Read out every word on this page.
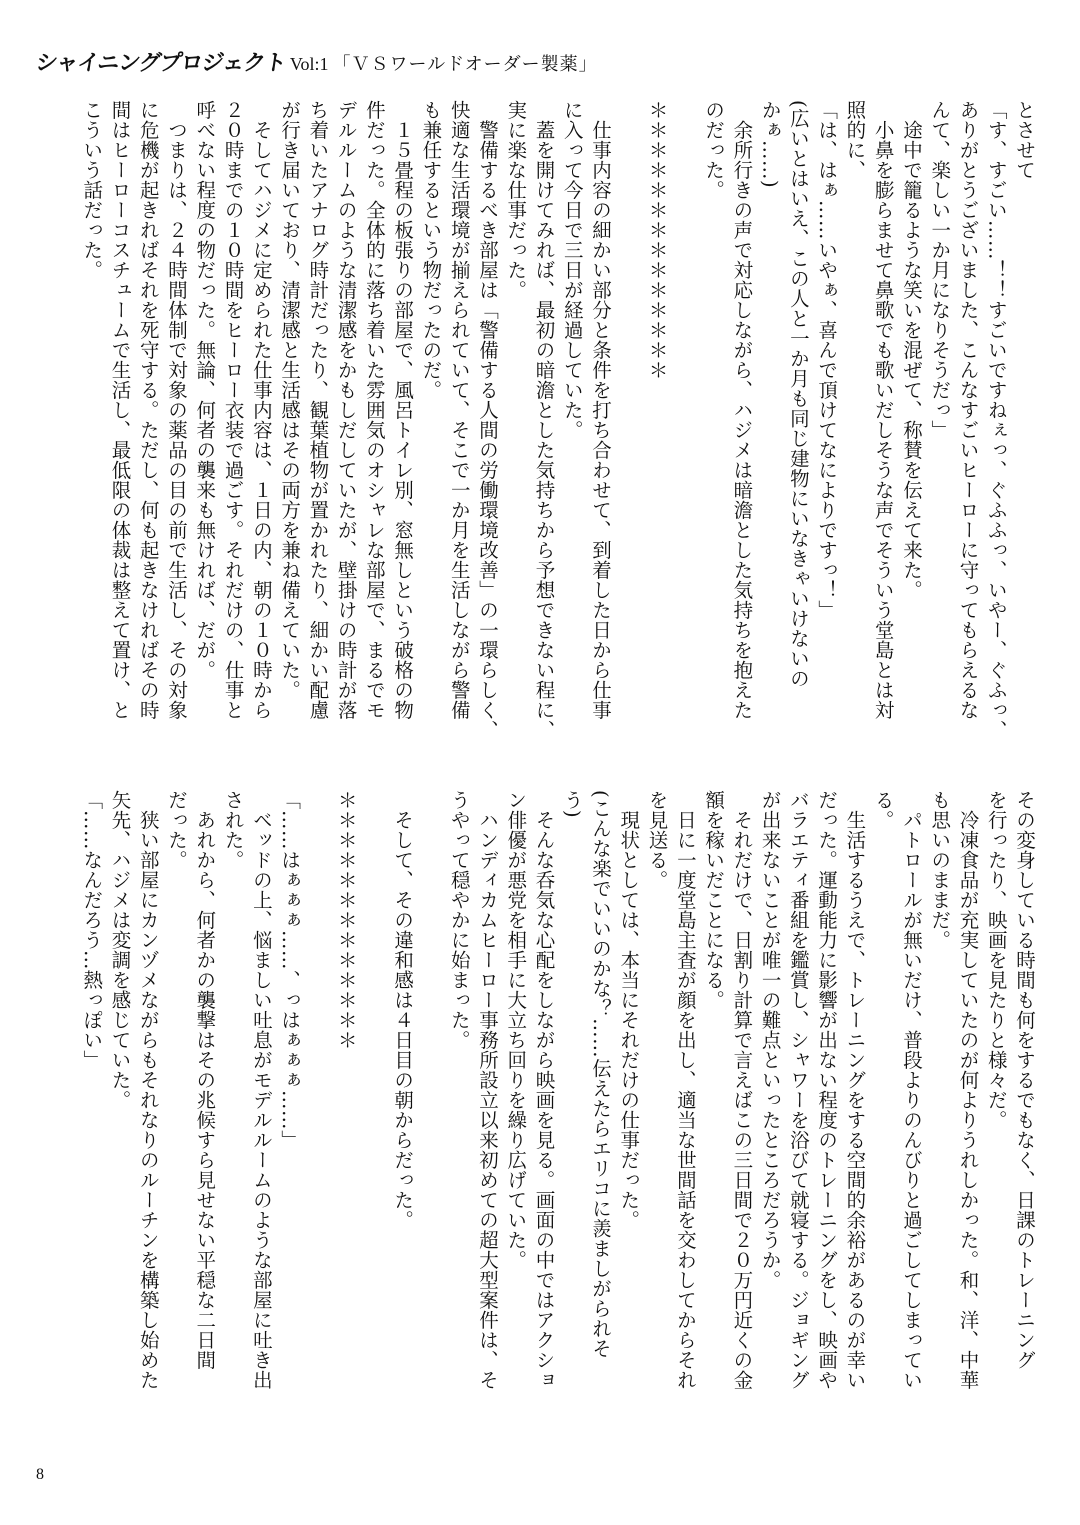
シャイニングプロジェクト Vol:1 「ＶＳワールドオーダー製薬」
とさせて
「す、すごい……！！すごいですねぇっ、ぐふふっ、いやー、ぐふっ、
ありがとうございました、こんなすごいヒーローに守ってもらえるな
んて、楽しい一か月になりそうだっ」
　途中で籠るような笑いを混ぜて、称賛を伝えて来た。
　小鼻を膨らませて鼻歌でも歌いだしそうな声でそういう堂島とは対
照的に、
「は、はぁ……いやぁ、喜んで頂けてなによりですっ！」
(広いとはいえ、この人と一か月も同じ建物にいなきゃいけないの
かぁ……)
　余所行きの声で対応しながら、ハジメは暗澹とした気持ちを抱えた
のだった。

＊＊＊＊＊＊＊＊＊＊＊＊＊＊

　仕事内容の細かい部分と条件を打ち合わせて、到着した日から仕事
に入って今日で三日が経過していた。
　蓋を開けてみれば、最初の暗澹とした気持ちから予想できない程に、
実に楽な仕事だった。
　警備するべき部屋は「警備する人間の労働環境改善」の一環らしく、
快適な生活環境が揃えられていて、そこで一か月を生活しながら警備
も兼任するという物だったのだ。
　１５畳程の板張りの部屋で、風呂トイレ別、窓無しという破格の物
件だった。全体的に落ち着いた雰囲気のオシャレな部屋で、まるでモ
デルルームのような清潔感をかもしだしていたが、壁掛けの時計が落
ち着いたアナログ時計だったり、観葉植物が置かれたり、細かい配慮
が行き届いており、清潔感と生活感はその両方を兼ね備えていた。
　そしてハジメに定められた仕事内容は、１日の内、朝の１０時から
２０時までの１０時間をヒーロー衣装で過ごす。それだけの、仕事と
呼べない程度の物だった。無論、何者の襲来も無ければ、だが。
　つまりは、２４時間体制で対象の薬品の目の前で生活し、その対象
に危機が起きればそれを死守する。ただし、何も起きなければその時
間はヒーローコスチュームで生活し、最低限の体裁は整えて置け、と
こういう話だった。
その変身している時間も何をするでもなく、日課のトレーニング
を行ったり、映画を見たりと様々だ。
　冷凍食品が充実していたのが何よりうれしかった。和、洋、中華
も思いのままだ。
　パトロールが無いだけ、普段よりのんびりと過ごしてしまってい
る。
　生活するうえで、トレーニングをする空間的余裕があるのが幸い
だった。運動能力に影響が出ない程度のトレーニングをし、映画や
バラエティ番組を鑑賞し、シャワーを浴びて就寝する。ジョギング
が出来ないことが唯一の難点といったところだろうか。
　それだけで、日割り計算で言えばこの三日間で２０万円近くの金
額を稼いだことになる。
　日に一度堂島主査が顔を出し、適当な世間話を交わしてからそれ
を見送る。
　現状としては、本当にそれだけの仕事だった。
(こんな楽でいいのかな？……伝えたらエリコに羨ましがられそ
う)
　そんな呑気な心配をしながら映画を見る。画面の中ではアクショ
ン俳優が悪党を相手に大立ち回りを繰り広げていた。
　ハンディカムヒーロー事務所設立以来初めての超大型案件は、そ
うやって穏やかに始まった。

　そして、その違和感は４日目の朝からだった。

＊＊＊＊＊＊＊＊＊＊＊＊＊

「……はぁぁぁ……、っはぁぁぁ……」
　ベッドの上、悩ましい吐息がモデルルームのような部屋に吐き出
された。
　あれから、何者かの襲撃はその兆候すら見せない平穏な二日間
だった。
　狭い部屋にカンヅメながらもそれなりのルーチンを構築し始めた
矢先、ハジメは変調を感じていた。
「……なんだろう…熱っぽい」
8
